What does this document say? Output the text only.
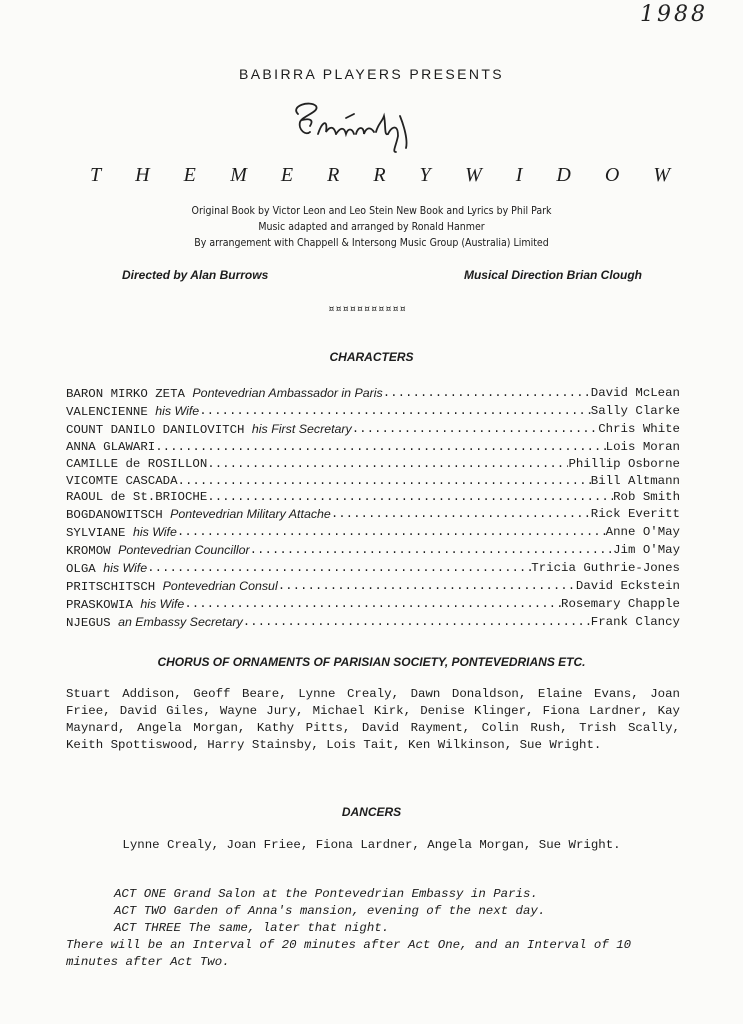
1988
BABIRRA PLAYERS PRESENTS
T H E M E R R Y W I D O W
Original Book by Victor Leon and Leo Stein New Book and Lyrics by Phil Park
Music adapted and arranged by Ronald Hanmer
By arrangement with Chappell & Intersong Music Group (Australia) Limited
Directed by Alan Burrows	Musical Direction Brian Clough
¤¤¤¤¤¤¤¤¤¤¤
CHARACTERS
BARON MIRKO ZETA Pontevedrian Ambassador in Paris .....	David McLean
VALENCIENNE his Wife .....	Sally Clarke
COUNT DANILO DANILOVITCH his First Secretary .....	Chris White
ANNA GLAWARI .....	Lois Moran
CAMILLE de ROSILLON .....	Phillip Osborne
VICOMTE CASCADA .....	Bill Altmann
RAOUL de St.BRIOCHE .....	Rob Smith
BOGDANOWITSCH Pontevedrian Military Attache .....	Rick Everitt
SYLVIANE his Wife .....	Anne O'May
KROMOW Pontevedrian Councillor .....	Jim O'May
OLGA his Wife .....	Tricia Guthrie-Jones
PRITSCHITSCH Pontevedrian Consul .....	David Eckstein
PRASKOWIA his Wife .....	Rosemary Chapple
NJEGUS an Embassy Secretary .....	Frank Clancy
CHORUS OF ORNAMENTS OF PARISIAN SOCIETY, PONTEVEDRIANS ETC.
Stuart Addison, Geoff Beare, Lynne Crealy, Dawn Donaldson, Elaine Evans, Joan Friee, David Giles, Wayne Jury, Michael Kirk, Denise Klinger, Fiona Lardner, Kay Maynard, Angela Morgan, Kathy Pitts, David Rayment, Colin Rush, Trish Scally, Keith Spottiswood, Harry Stainsby, Lois Tait, Ken Wilkinson, Sue Wright.
DANCERS
Lynne Crealy, Joan Friee, Fiona Lardner, Angela Morgan, Sue Wright.
ACT ONE Grand Salon at the Pontevedrian Embassy in Paris.
ACT TWO Garden of Anna's mansion, evening of the next day.
ACT THREE The same, later that night.
There will be an Interval of 20 minutes after Act One, and an Interval of 10 minutes after Act Two.
